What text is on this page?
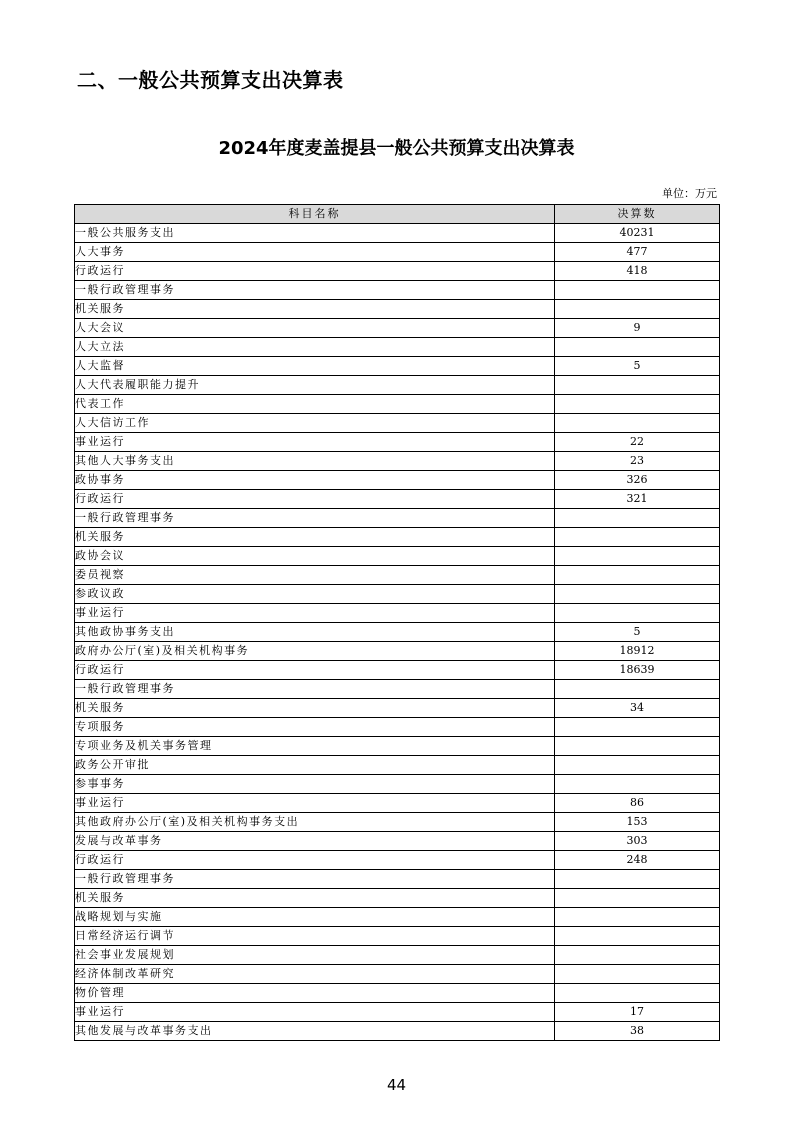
二、一般公共预算支出决算表
2024年度麦盖提县一般公共预算支出决算表
单位：万元
科目名称	决算数
一般公共服务支出	40231
人大事务	477
行政运行	418
一般行政管理事务	
机关服务	
人大会议	9
人大立法	
人大监督	5
人大代表履职能力提升	
代表工作	
人大信访工作	
事业运行	22
其他人大事务支出	23
政协事务	326
行政运行	321
一般行政管理事务	
机关服务	
政协会议	
委员视察	
参政议政	
事业运行	
其他政协事务支出	5
政府办公厅(室)及相关机构事务	18912
行政运行	18639
一般行政管理事务	
机关服务	34
专项服务	
专项业务及机关事务管理	
政务公开审批	
参事事务	
事业运行	86
其他政府办公厅(室)及相关机构事务支出	153
发展与改革事务	303
行政运行	248
一般行政管理事务	
机关服务	
战略规划与实施	
日常经济运行调节	
社会事业发展规划	
经济体制改革研究	
物价管理	
事业运行	17
其他发展与改革事务支出	38
44
